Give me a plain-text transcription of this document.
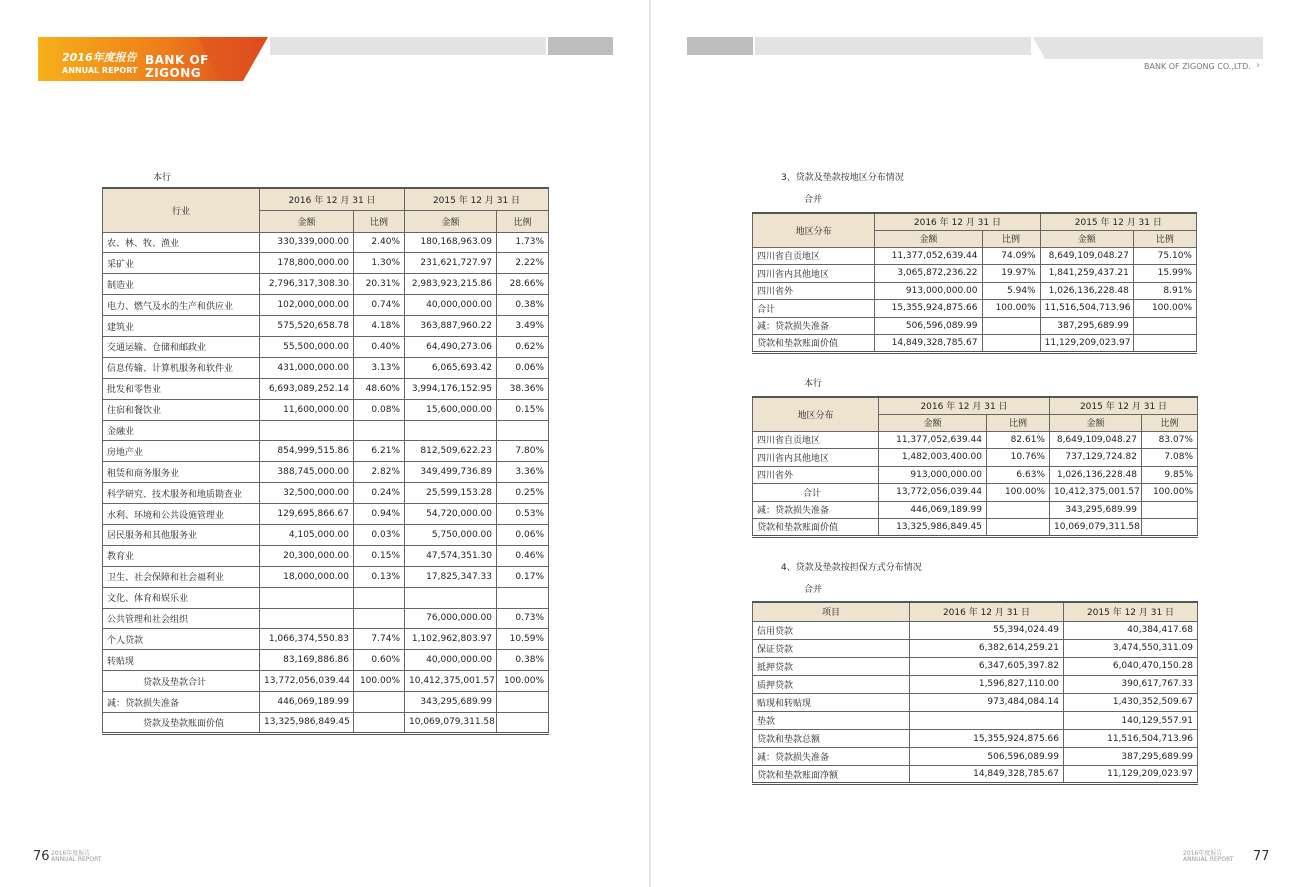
2016年度报告
ANNUAL REPORT
BANK OF
ZIGONG
本行
行业	2016 年 12 月 31 日		2015 年 12 月 31 日	
	金额	比例	金额	比例
农、林、牧、渔业	330,339,000.00	2.40%	180,168,963.09	1.73%
采矿业	178,800,000.00	1.30%	231,621,727.97	2.22%
制造业	2,796,317,308.30	20.31%	2,983,923,215.86	28.66%
电力、燃气及水的生产和供应业	102,000,000.00	0.74%	40,000,000.00	0.38%
建筑业	575,520,658.78	4.18%	363,887,960.22	3.49%
交通运输、仓储和邮政业	55,500,000.00	0.40%	64,490,273.06	0.62%
信息传输、计算机服务和软件业	431,000,000.00	3.13%	6,065,693.42	0.06%
批发和零售业	6,693,089,252.14	48.60%	3,994,176,152.95	38.36%
住宿和餐饮业	11,600,000.00	0.08%	15,600,000.00	0.15%
金融业				
房地产业	854,999,515.86	6.21%	812,509,622.23	7.80%
租赁和商务服务业	388,745,000.00	2.82%	349,499,736.89	3.36%
科学研究、技术服务和地质勘查业	32,500,000.00	0.24%	25,599,153.28	0.25%
水利、环境和公共设施管理业	129,695,866.67	0.94%	54,720,000.00	0.53%
居民服务和其他服务业	4,105,000.00	0.03%	5,750,000.00	0.06%
教育业	20,300,000.00	0.15%	47,574,351.30	0.46%
卫生、社会保障和社会福利业	18,000,000.00	0.13%	17,825,347.33	0.17%
文化、体育和娱乐业				
公共管理和社会组织			76,000,000.00	0.73%
个人贷款	1,066,374,550.83	7.74%	1,102,962,803.97	10.59%
转贴现	83,169,886.86	0.60%	40,000,000.00	0.38%
贷款及垫款合计	13,772,056,039.44	100.00%	10,412,375,001.57	100.00%
减：贷款损失准备	446,069,189.99		343,295,689.99	
贷款及垫款账面价值	13,325,986,849.45		10,069,079,311.58	
76 2016年度报告
ANNUAL REPORT
BANK OF ZIGONG CO.,LTD. ›
3、贷款及垫款按地区分布情况
合并
地区分布	2016 年 12 月 31 日		2015 年 12 月 31 日	
	金额	比例	金额	比例
四川省自贡地区	11,377,052,639.44	74.09%	8,649,109,048.27	75.10%
四川省内其他地区	3,065,872,236.22	19.97%	1,841,259,437.21	15.99%
四川省外	913,000,000.00	5.94%	1,026,136,228.48	8.91%
合计	15,355,924,875.66	100.00%	11,516,504,713.96	100.00%
减：贷款损失准备	506,596,089.99		387,295,689.99	
贷款和垫款账面价值	14,849,328,785.67		11,129,209,023.97	
本行
地区分布	2016 年 12 月 31 日		2015 年 12 月 31 日	
	金额	比例	金额	比例
四川省自贡地区	11,377,052,639.44	82.61%	8,649,109,048.27	83.07%
四川省内其他地区	1,482,003,400.00	10.76%	737,129,724.82	7.08%
四川省外	913,000,000.00	6.63%	1,026,136,228.48	9.85%
合计	13,772,056,039.44	100.00%	10,412,375,001.57	100.00%
减：贷款损失准备	446,069,189.99		343,295,689.99	
贷款和垫款账面价值	13,325,986,849.45		10,069,079,311.58	
4、贷款及垫款按担保方式分布情况
合并
项目	2016 年 12 月 31 日	2015 年 12 月 31 日
信用贷款	55,394,024.49	40,384,417.68
保证贷款	6,382,614,259.21	3,474,550,311.09
抵押贷款	6,347,605,397.82	6,040,470,150.28
质押贷款	1,596,827,110.00	390,617,767.33
贴现和转贴现	973,484,084.14	1,430,352,509.67
垫款		140,129,557.91
贷款和垫款总额	15,355,924,875.66	11,516,504,713.96
减：贷款损失准备	506,596,089.99	387,295,689.99
贷款和垫款账面净额	14,849,328,785.67	11,129,209,023.97
2016年度报告
ANNUAL REPORT 77
